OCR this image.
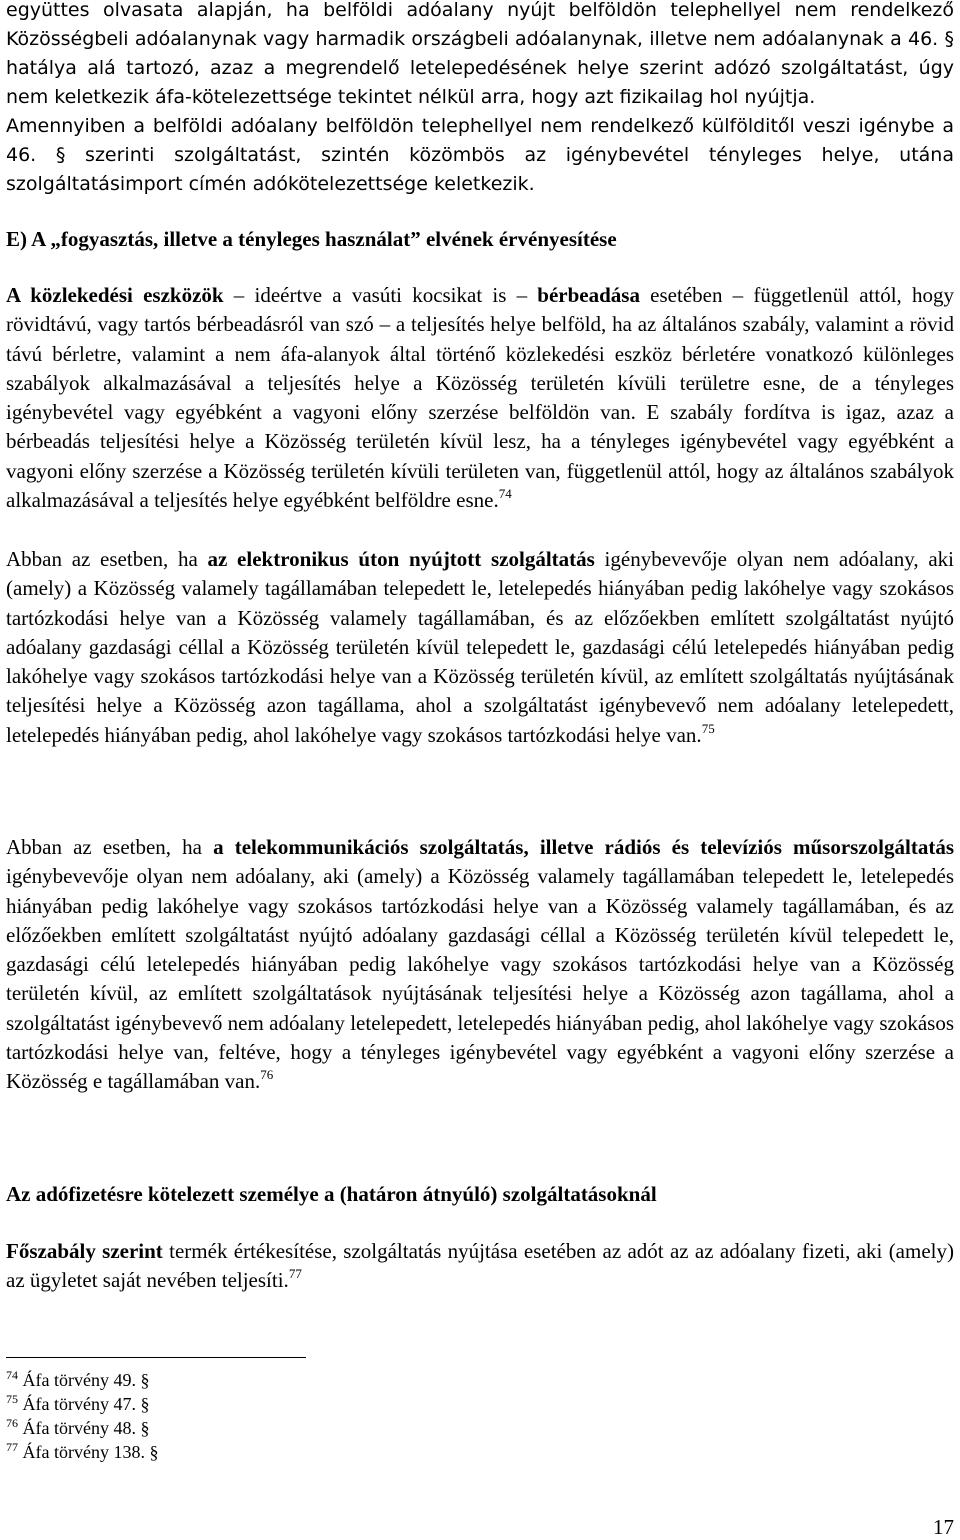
együttes olvasata alapján, ha belföldi adóalany nyújt belföldön telephellyel nem rendelkező Közösségbeli adóalanynak vagy harmadik országbeli adóalanynak, illetve nem adóalanynak a 46. § hatálya alá tartozó, azaz a megrendelő letelepedésének helye szerint adózó szolgáltatást, úgy nem keletkezik áfa-kötelezettsége tekintet nélkül arra, hogy azt fizikailag hol nyújtja.

Amennyiben a belföldi adóalany belföldön telephellyel nem rendelkező külfölditől veszi igénybe a 46. § szerinti szolgáltatást, szintén közömbös az igénybevétel tényleges helye, utána szolgáltatásimport címén adókötelezettsége keletkezik.

E) A „fogyasztás, illetve a tényleges használat” elvének érvényesítése

A közlekedési eszközök – ideértve a vasúti kocsikat is – bérbeadása esetében – függetlenül attól, hogy rövidtávú, vagy tartós bérbeadásról van szó – a teljesítés helye belföld, ha az általános szabály, valamint a rövid távú bérletre, valamint a nem áfa-alanyok által történő közlekedési eszköz bérletére vonatkozó különleges szabályok alkalmazásával a teljesítés helye a Közösség területén kívüli területre esne, de a tényleges igénybevétel vagy egyébként a vagyoni előny szerzése belföldön van. E szabály fordítva is igaz, azaz a bérbeadás teljesítési helye a Közösség területén kívül lesz, ha a tényleges igénybevétel vagy egyébként a vagyoni előny szerzése a Közösség területén kívüli területen van, függetlenül attól, hogy az általános szabályok alkalmazásával a teljesítés helye egyébként belföldre esne.$^{74}$

Abban az esetben, ha az elektronikus úton nyújtott szolgáltatás igénybevevője olyan nem adóalany, aki (amely) a Közösség valamely tagállamában telepedett le, letelepedés hiányában pedig lakóhelye vagy szokásos tartózkodási helye van a Közösség valamely tagállamában, és az előzőekben említett szolgáltatást nyújtó adóalany gazdasági céllal a Közösség területén kívül telepedett le, gazdasági célú letelepedés hiányában pedig lakóhelye vagy szokásos tartózkodási helye van a Közösség területén kívül, az említett szolgáltatás nyújtásának teljesítési helye a Közösség azon tagállama, ahol a szolgáltatást igénybevevő nem adóalany letelepedett, letelepedés hiányában pedig, ahol lakóhelye vagy szokásos tartózkodási helye van.$^{75}$

Abban az esetben, ha a telekommunikációs szolgáltatás, illetve rádiós és televíziós műsorszolgáltatás igénybevevője olyan nem adóalany, aki (amely) a Közösség valamely tagállamában telepedett le, letelepedés hiányában pedig lakóhelye vagy szokásos tartózkodási helye van a Közösség valamely tagállamában, és az előzőekben említett szolgáltatást nyújtó adóalany gazdasági céllal a Közösség területén kívül telepedett le, gazdasági célú letelepedés hiányában pedig lakóhelye vagy szokásos tartózkodási helye van a Közösség területén kívül, az említett szolgáltatások nyújtásának teljesítési helye a Közösség azon tagállama, ahol a szolgáltatást igénybevevő nem adóalany letelepedett, letelepedés hiányában pedig, ahol lakóhelye vagy szokásos tartózkodási helye van, feltéve, hogy a tényleges igénybevétel vagy egyébként a vagyoni előny szerzése a Közösség e tagállamában van.$^{76}$

Az adófizetésre kötelezett személye a (határon átnyúló) szolgáltatásoknál

Főszabály szerint termék értékesítése, szolgáltatás nyújtása esetében az adót az az adóalany fizeti, aki (amely) az ügyletet saját nevében teljesíti.$^{77}$

$^{74}$ Áfa törvény 49. §
$^{75}$ Áfa törvény 47. §
$^{76}$ Áfa törvény 48. §
$^{77}$ Áfa törvény 138. §
17
